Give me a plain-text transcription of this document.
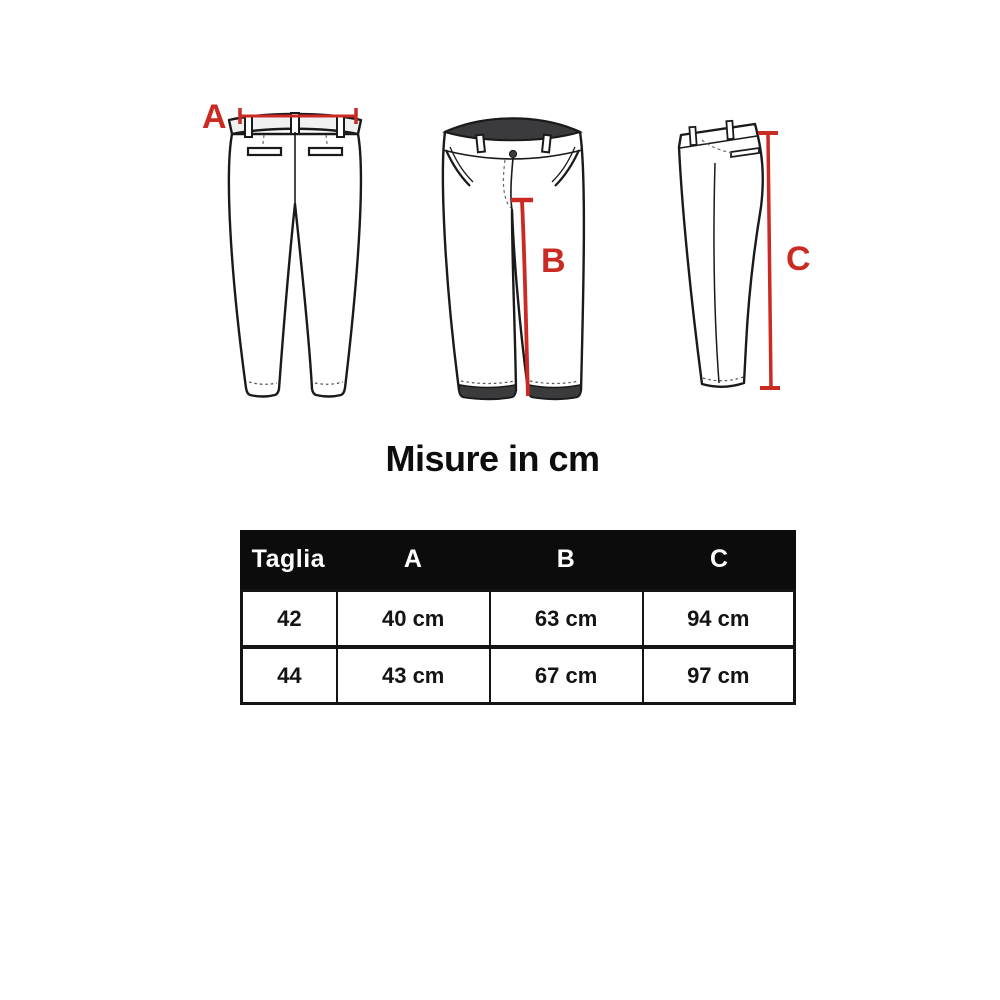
A
B	C
Misure in cm
Taglia	A	B	C
42	40 cm	63 cm	94 cm
44	43 cm	67 cm	97 cm
